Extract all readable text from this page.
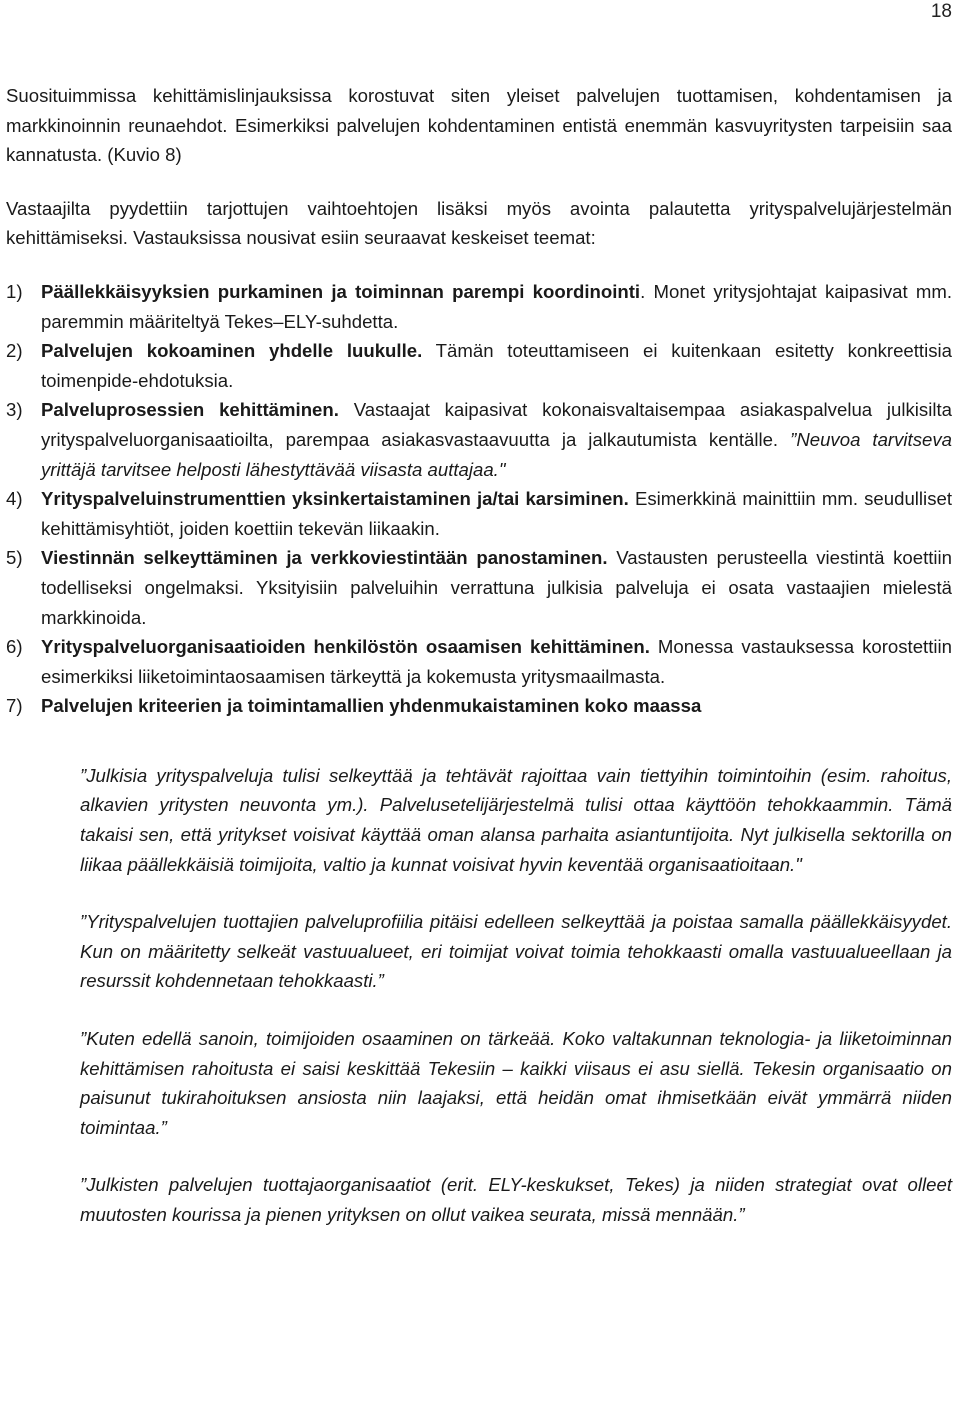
18

Suosituimmissa kehittämislinjauksissa korostuvat siten yleiset palvelujen tuottamisen, kohdentamisen ja markkinoinnin reunaehdot. Esimerkiksi palvelujen kohdentaminen entistä enemmän kasvuyritysten tarpeisiin saa kannatusta. (Kuvio 8)

Vastaajilta pyydettiin tarjottujen vaihtoehtojen lisäksi myös avointa palautetta yrityspalvelujärjestelmän kehittämiseksi. Vastauksissa nousivat esiin seuraavat keskeiset teemat:

1) Päällekkäisyyksien purkaminen ja toiminnan parempi koordinointi. Monet yritysjohtajat kaipasivat mm. paremmin määriteltyä Tekes–ELY-suhdetta.
2) Palvelujen kokoaminen yhdelle luukulle. Tämän toteuttamiseen ei kuitenkaan esitetty konkreettisia toimenpide-ehdotuksia.
3) Palveluprosessien kehittäminen. Vastaajat kaipasivat kokonaisvaltaisempaa asiakaspalvelua julkisilta yrityspalveluorganisaatioilta, parempaa asiakasvastaavuutta ja jalkautumista kentälle. ”Neuvoa tarvitseva yrittäjä tarvitsee helposti lähestyttävää viisasta auttajaa."
4) Yrityspalveluinstrumenttien yksinkertaistaminen ja/tai karsiminen. Esimerkkinä mainittiin mm. seudulliset kehittämisyhtiöt, joiden koettiin tekevän liikaakin.
5) Viestinnän selkeyttäminen ja verkkoviestintään panostaminen. Vastausten perusteella viestintä koettiin todelliseksi ongelmaksi. Yksityisiin palveluihin verrattuna julkisia palveluja ei osata vastaajien mielestä markkinoida.
6) Yrityspalveluorganisaatioiden henkilöstön osaamisen kehittäminen. Monessa vastauksessa korostettiin esimerkiksi liiketoimintaosaamisen tärkeyttä ja kokemusta yritysmaailmasta.
7) Palvelujen kriteerien ja toimintamallien yhdenmukaistaminen koko maassa

”Julkisia yrityspalveluja tulisi selkeyttää ja tehtävät rajoittaa vain tiettyihin toimintoihin (esim. rahoitus, alkavien yritysten neuvonta ym.). Palvelusetelijärjestelmä tulisi ottaa käyttöön tehokkaammin. Tämä takaisi sen, että yritykset voisivat käyttää oman alansa parhaita asiantuntijoita. Nyt julkisella sektorilla on liikaa päällekkäisiä toimijoita, valtio ja kunnat voisivat hyvin keventää organisaatioitaan."

”Yrityspalvelujen tuottajien palveluprofiilia pitäisi edelleen selkeyttää ja poistaa samalla päällekkäisyydet. Kun on määritetty selkeät vastuualueet, eri toimijat voivat toimia tehokkaasti omalla vastuualueellaan ja resurssit kohdennetaan tehokkaasti.”

”Kuten edellä sanoin, toimijoiden osaaminen on tärkeää. Koko valtakunnan teknologia- ja liiketoiminnan kehittämisen rahoitusta ei saisi keskittää Tekesiin – kaikki viisaus ei asu siellä. Tekesin organisaatio on paisunut tukirahoituksen ansiosta niin laajaksi, että heidän omat ihmisetkään eivät ymmärrä niiden toimintaa.”

”Julkisten palvelujen tuottajaorganisaatiot (erit. ELY-keskukset, Tekes) ja niiden strategiat ovat olleet muutosten kourissa ja pienen yrityksen on ollut vaikea seurata, missä mennään.”
